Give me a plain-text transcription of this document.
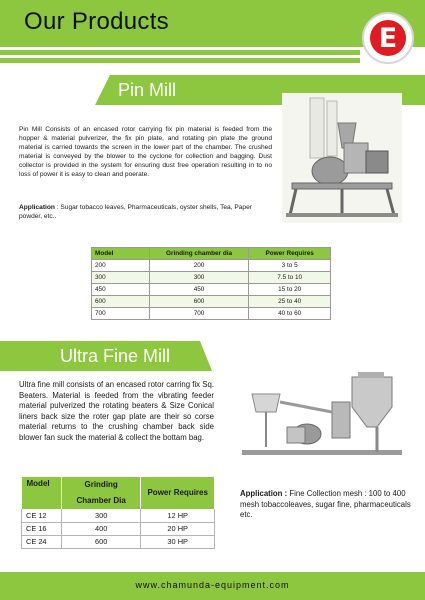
Our Products
E
Pin Mill
Pin Mill Consists of an encased rotor carrying fix pin material is feeded from the hopper & material pulverizer, the fix pin plate, and rotating pin plate the ground material is carried towards the screen in the lower part of the chamber. The crushed material is conveyed by the blower to the cyclone for collection and bagging. Dust collector is provided in the system for ensuring dust free operation resulting in to no loss of power it is easy to clean and poerate.
Application : Sugar tobacco leaves, Pharmaceuticals, oyster shells, Tea, Paper powder, etc..
Model	Grinding chamber dia	Power Requires
200	200	3 to 5
300	300	7.5 to 10
450	450	15 to 20
600	600	25 to 40
700	700	40 to 60
Ultra Fine Mill
Ultra fine mill consists of an encased rotor carring fix Sq. Beaters. Material is feeded from the vibrating feeder material pulverized the rotating beaters & Size Conical liners back size the roter gap plate are their so corse material returns to the crushing chamber back side blower fan suck the material & collect the bottam bag.
Model	Grinding Chamber Dia	Power Requires
CE 12	300	12 HP
CE 16	400	20 HP
CE 24	600	30 HP
Application : Fine Collection mesh : 100 to 400 mesh tobaccoleaves, sugar fine, pharmaceuticals etc.
www.chamunda-equipment.com
